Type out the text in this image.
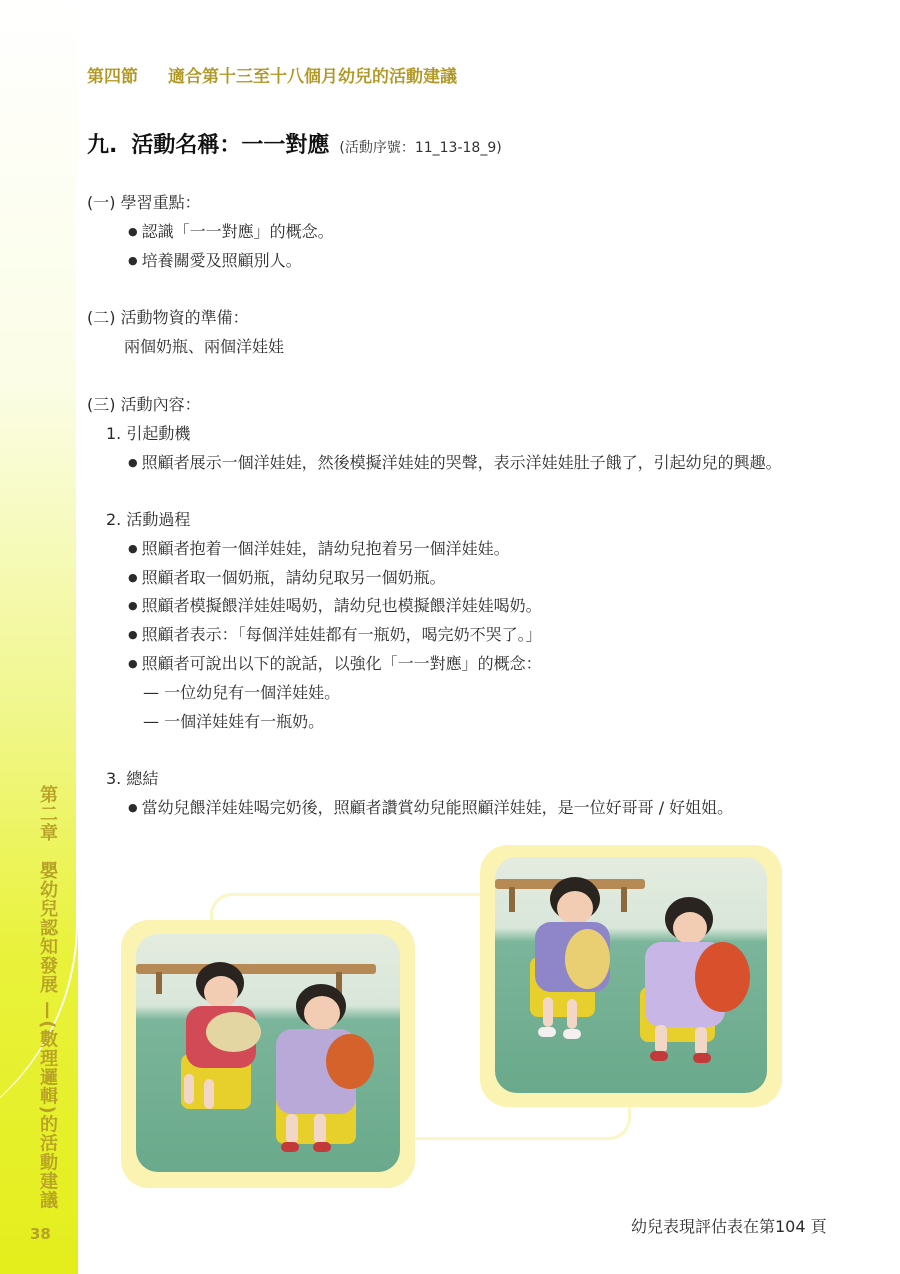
第二章　嬰幼兒認知發展 —(數理邏輯)的活動建議
38
第四節 適合第十三至十八個月幼兒的活動建議
九. 活動名稱：一一對應 (活動序號：11_13-18_9)
(一) 學習重點：
● 認識「一一對應」的概念。
● 培養關愛及照顧別人。
(二) 活動物資的準備：
兩個奶瓶、兩個洋娃娃
(三) 活動內容：
1. 引起動機
● 照顧者展示一個洋娃娃，然後模擬洋娃娃的哭聲，表示洋娃娃肚子餓了，引起幼兒的興趣。
2. 活動過程
● 照顧者抱着一個洋娃娃，請幼兒抱着另一個洋娃娃。
● 照顧者取一個奶瓶，請幼兒取另一個奶瓶。
● 照顧者模擬餵洋娃娃喝奶，請幼兒也模擬餵洋娃娃喝奶。
● 照顧者表示：「每個洋娃娃都有一瓶奶，喝完奶不哭了。」
● 照顧者可說出以下的說話，以強化「一一對應」的概念：
— 一位幼兒有一個洋娃娃。
— 一個洋娃娃有一瓶奶。
3. 總結
● 當幼兒餵洋娃娃喝完奶後，照顧者讚賞幼兒能照顧洋娃娃，是一位好哥哥 / 好姐姐。
幼兒表現評估表在第104 頁
